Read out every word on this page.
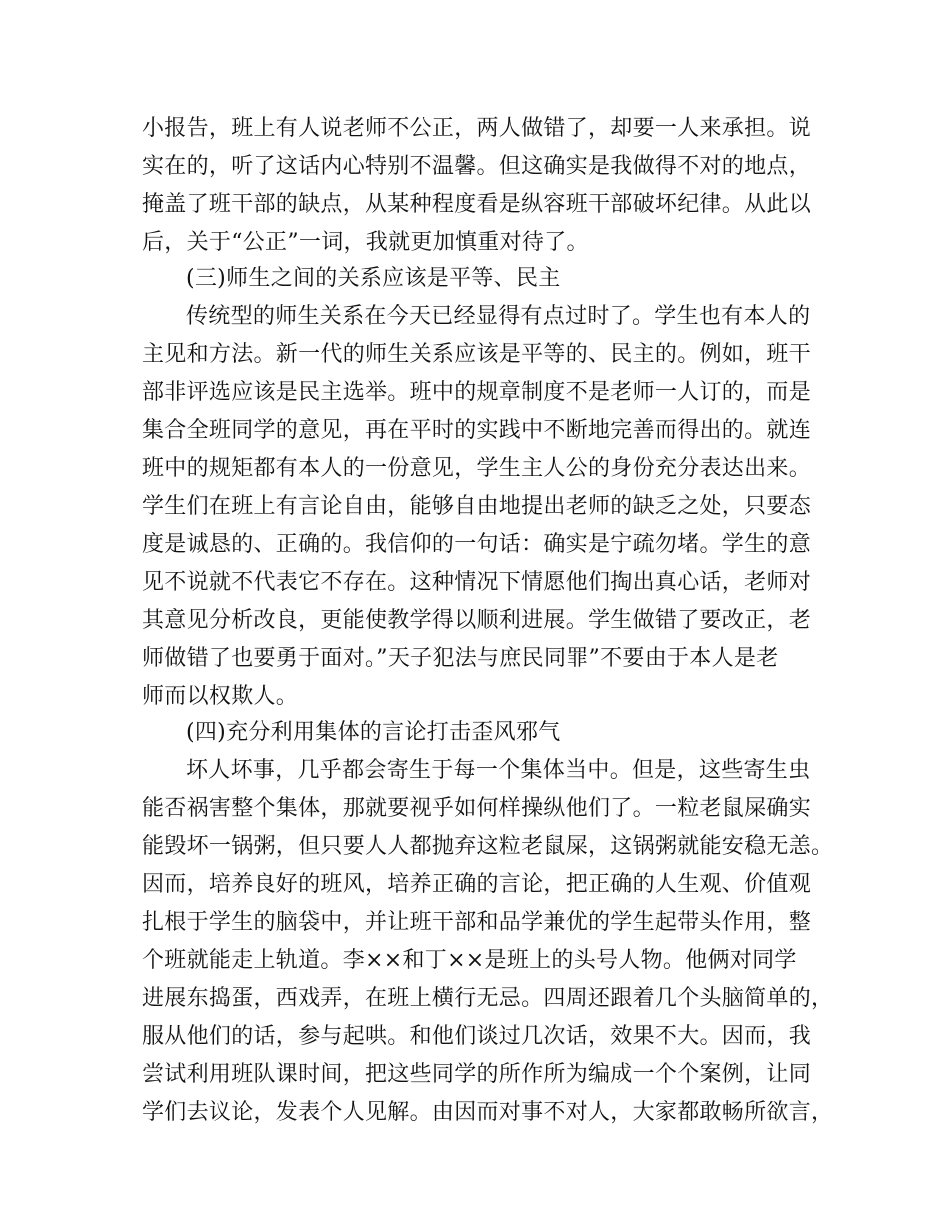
小报告，班上有人说老师不公正，两人做错了，却要一人来承担。说
实在的，听了这话内心特别不温馨。但这确实是我做得不对的地点，
掩盖了班干部的缺点，从某种程度看是纵容班干部破坏纪律。从此以
后，关于“公正”一词，我就更加慎重对待了。
(三)师生之间的关系应该是平等、民主
传统型的师生关系在今天已经显得有点过时了。学生也有本人的
主见和方法。新一代的师生关系应该是平等的、民主的。例如，班干
部非评选应该是民主选举。班中的规章制度不是老师一人订的，而是
集合全班同学的意见，再在平时的实践中不断地完善而得出的。就连
班中的规矩都有本人的一份意见，学生主人公的身份充分表达出来。
学生们在班上有言论自由，能够自由地提出老师的缺乏之处，只要态
度是诚恳的、正确的。我信仰的一句话：确实是宁疏勿堵。学生的意
见不说就不代表它不存在。这种情况下情愿他们掏出真心话，老师对
其意见分析改良，更能使教学得以顺利进展。学生做错了要改正，老
师做错了也要勇于面对。”天子犯法与庶民同罪”不要由于本人是老
师而以权欺人。
(四)充分利用集体的言论打击歪风邪气
坏人坏事，几乎都会寄生于每一个集体当中。但是，这些寄生虫
能否祸害整个集体，那就要视乎如何样操纵他们了。一粒老鼠屎确实
能毁坏一锅粥，但只要人人都抛弃这粒老鼠屎，这锅粥就能安稳无恙。
因而，培养良好的班风，培养正确的言论，把正确的人生观、价值观
扎根于学生的脑袋中，并让班干部和品学兼优的学生起带头作用，整
个班就能走上轨道。李××和丁××是班上的头号人物。他俩对同学
进展东捣蛋，西戏弄，在班上横行无忌。四周还跟着几个头脑简单的，
服从他们的话，参与起哄。和他们谈过几次话，效果不大。因而，我
尝试利用班队课时间，把这些同学的所作所为编成一个个案例，让同
学们去议论，发表个人见解。由因而对事不对人，大家都敢畅所欲言，
